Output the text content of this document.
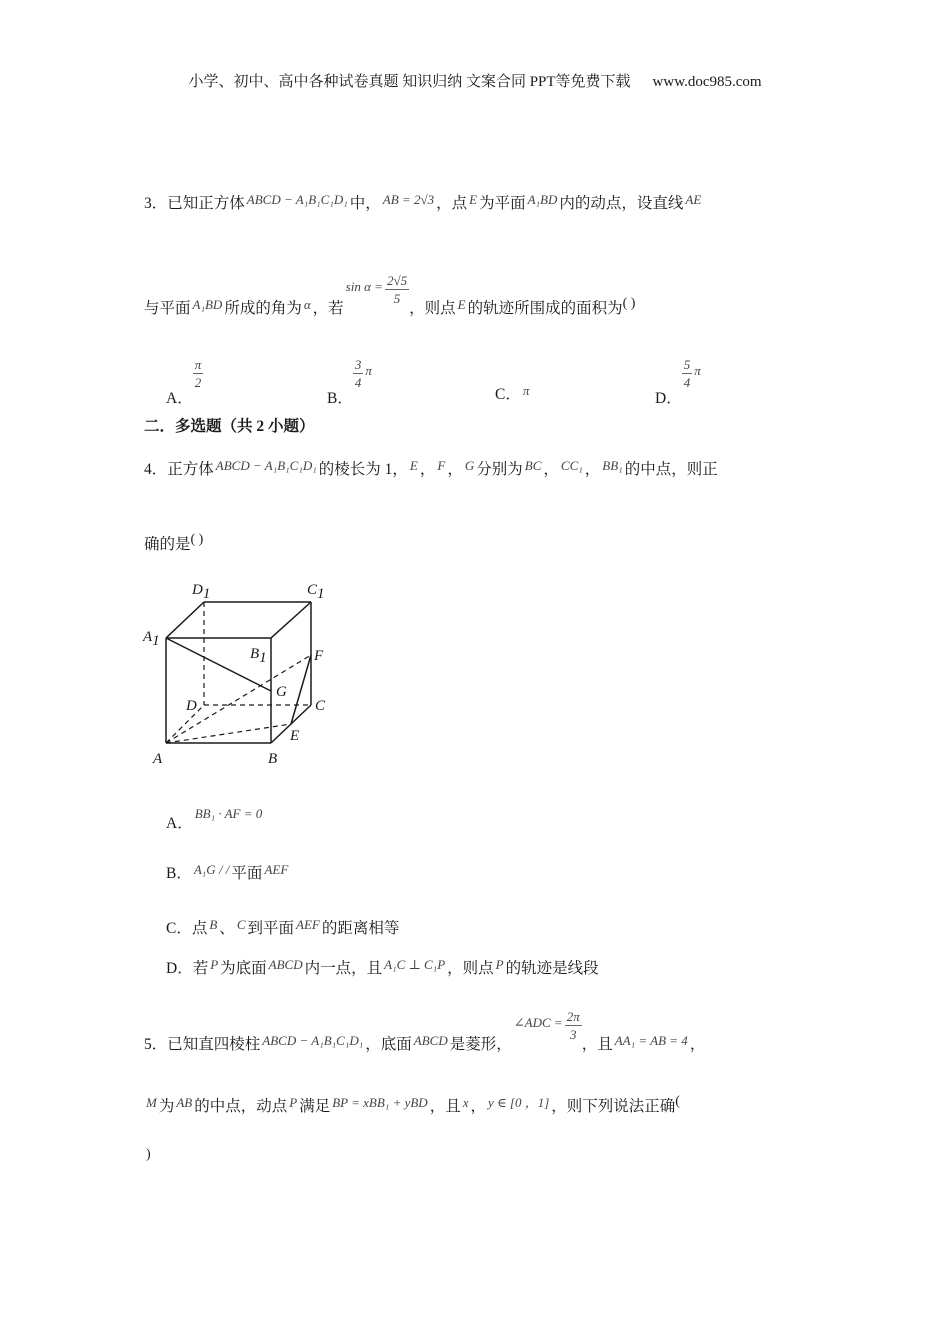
小学、初中、高中各种试卷真题 知识归纳 文案合同 PPT等免费下载 www.doc985.com
3．已知正方体 $^{ABCD - A_1B_1C_1D_1}$ 中， $^{AB = 2√3}$ ，点 $^E$ 为平面 $^{A_1BD}$ 内的动点，设直线 $^{AE}$
与平面 $_{A_1BD}$ 所成的角为 $_\alpha$ ，若$\sin \alpha = \frac{2√5}{5}$
，则点 $_E$ 的轨迹所围成的面积为( )
A．
$\frac{\pi}{2}$
B．
$\frac{3}{4}$ π
C． $^\pi$	D．
$\frac{5}{4}$ π
二．多选题（共 2 小题）
4．正方体 $^{ABCD - A_1B_1C_1D_1}$ 的棱长为 1， $^E$ ， $^F$ ， $^G$ 分别为 $^{BC}$ ， $^{CC_1}$ ， $^{BB_1}$ 的中点，则正
确的是( )
D1	C1
A1
B1	F
G
D	C
E
A	B
A．$^{BB_1 \cdot AF = 0}$
B． $^{A_1G / /}$ 平面 $^{AEF}$
C．点 $^B$ 、 $^C$ 到平面 $^{AEF}$ 的距离相等
D．若 $^P$ 为底面 $^{ABCD}$ 内一点，且 $^{A_1C \perp C_1P}$ ，则点 $^P$ 的轨迹是线段
5．已知直四棱柱 $_{ABCD - A_1B_1C_1D_1}$ ，底面 $_{ABCD}$ 是菱形，∠ADC = $\frac{2\pi}{3}$
，且 $_{AA_1 = AB = 4}$ ，
$^M$ 为 $^{AB}$ 的中点，动点 $^P$ 满足 $^{BP = xBB_1 + yBD}$ ，且 $^x$ ， $^{y \in [0 ,1]}$ ，则下列说法正确(
)
